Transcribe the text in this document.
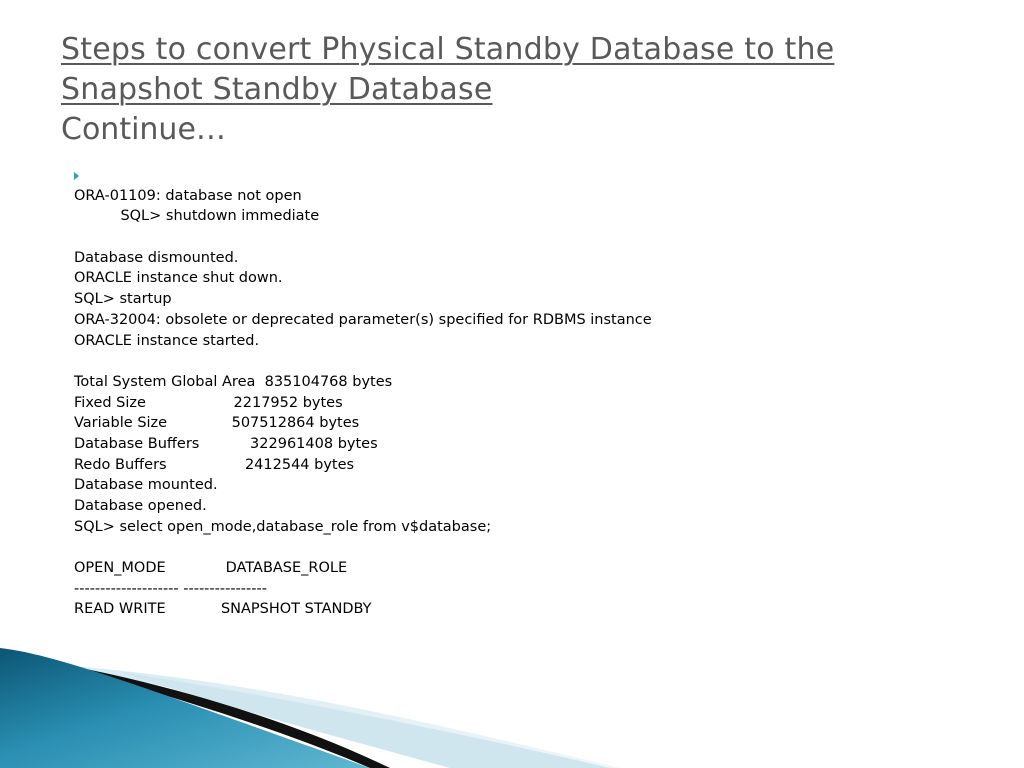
Steps to convert Physical Standby Database to the
Snapshot Standby Database
Continue…

SQL> shutdown immediate

ORA-01109: database not open
Database dismounted.
ORACLE instance shut down.
SQL> startup
ORA-32004: obsolete or deprecated parameter(s) specified for RDBMS instance
ORACLE instance started.
Total System Global Area  835104768 bytes
Fixed Size                   2217952 bytes
Variable Size              507512864 bytes
Database Buffers           322961408 bytes
Redo Buffers                 2412544 bytes
Database mounted.
Database opened.
SQL> select open_mode,database_role from v$database;
OPEN_MODE             DATABASE_ROLE
-------------------- ----------------
READ WRITE            SNAPSHOT STANDBY
